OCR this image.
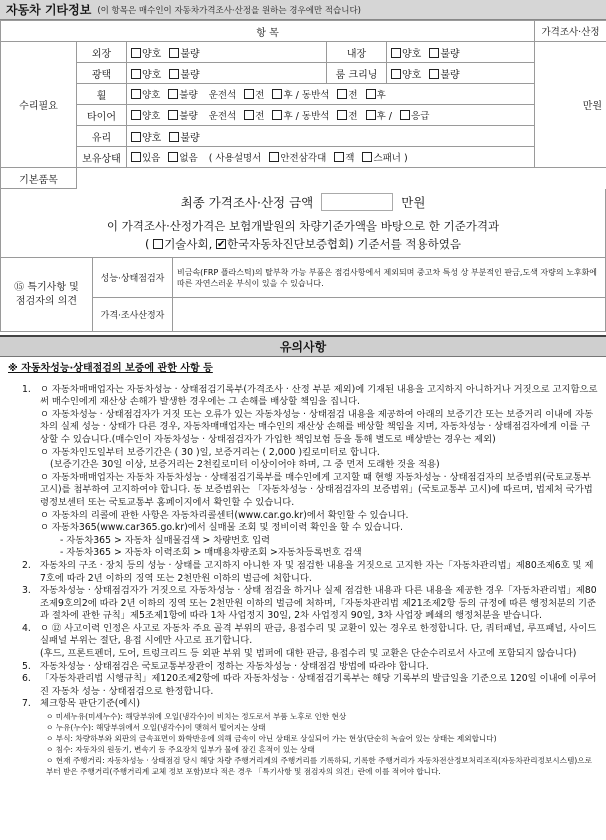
자동차 기타정보 (이 항목은 매수인이 자동차가격조사·산정을 원하는 경우에만 적습니다)
항 목					가격조사·산정
수리필요	외장	양호 불량	내장	양호 불량	만원
	광택	양호 불량	룸 크리닝	양호 불량	
	휠	양호 불량 운전석 전 후 / 동반석 전 후			
	타이어	양호 불량 운전석 전 후 / 동반석 전 후 / 응급			
	유리	양호 불량			
	보유상태	있음 없음 ( 사용설명서 안전삼각대 잭 스패너 )			
기본품목					
최종 가격조사·산정 금액	만원
이 가격조사·산정가격은 보험개발원의 차량기준가액을 바탕으로 한 기준가격과
( 기술사회, ✔ 한국자동차진단보증협회) 기준서를 적용하였음
⑮ 특기사항 및
점검자의 의견	성능·상태점검자	비금속(FRP 플라스틱)의 탈부착 가능 부품은 점검사항에서 제외되며 중고차 특성 상 부분적인 판금,도색 자량의 노후화에 따른 자연스러운 부식이 있을 수 있습니다.
	가격·조사산정자	
유의사항
※ 자동차성능·상태점검의 보증에 관한 사항 등
1. ㅇ 자동차매매업자는 자동차성능 · 상태점검기록부(가격조사 · 산정 부분 제외)에 기재된 내용을 고지하지 아니하거나 거짓으로 고지함으로써 매수인에게 재산상 손해가 발생한 경우에는 그 손해를 배상할 책임을 집니다.
ㅇ 자동차성능 · 상태점검자가 거짓 또는 오류가 있는 자동차성능 · 상태점검 내용을 제공하여 아래의 보증기간 또는 보증거리 이내에 자동차의 실제 성능 · 상태가 다른 경우, 자동차매매업자는 매수인의 재산상 손해를 배상할 책임을 지며, 자동차성능 · 상태점검자에게 이를 구상할 수 있습니다.(매수인이 자동차성능 · 상태점검자가 가입한 책임보험 등을 통해 별도로 배상받는 경우는 제외)
ㅇ 자동차인도일부터 보증기간은 ( 30 )일, 보증거리는 ( 2,000 )킬로미터로 합니다.
(보증기간은 30일 이상, 보증거리는 2천킬로미터 이상이어야 하며, 그 중 먼저 도래한 것을 적용)
ㅇ 자동차매매업자는 자동차 자동차성능 · 상태점검기록부를 매수인에게 고지할 때 현행 자동차성능 · 상태점검자의 보증범위(국토교통부 고시)를 첨부하여 고지하여야 합니다. 동 보증범위는 「자동차성능 · 상태점검자의 보증범위」(국토교통부 고시)에 따르며, 법제처 국가법령정보센터 또는 국토교통부 홈페이지에서 확인할 수 있습니다.
ㅇ 자동차의 리콜에 관한 사항은 자동차리콜센터(www.car.go.kr)에서 확인할 수 있습니다.
ㅇ 자동차365(www.car365.go.kr)에서 실매물 조회 및 정비이력 확인을 할 수 있습니다.
- 자동차365 > 자동차 실매물검색 > 차량번호 입력
- 자동차365 > 자동차 이력조회 > 매매용차량조회 >자동차등록번호 검색
2. 자동차의 구조 · 장치 등의 성능 · 상태를 고지하지 아니한 자 및 점검한 내용을 거짓으로 고지한 자는「자동차관리법」제80조제6호 및 제7호에 따라 2년 이하의 징역 또는 2천만원 이하의 벌금에 처합니다.
3. 자동차성능 · 상태점검자가 거짓으로 자동차성능 · 상태 점검을 하거나 실제 점검한 내용과 다른 내용을 제공한 경우「자동차관리법」제80조제9호의2에 따라 2년 이하의 징역 또는 2천만원 이하의 벌금에 처하며,「자동차관리법 제21조제2항 등의 규정에 따른 행정처분의 기준과 절차에 관한 규칙」제5조제1항에 따라 1차 사업정지 30일, 2차 사업정지 90일, 3차 사업장 폐쇄의 행정처분을 받습니다.
4. ㅇ ⑫ 사고이력 인정은 사고로 자동차 주요 골격 부위의 판금, 용접수리 및 교환이 있는 경우로 한정합니다. 단, 쿼터패널, 루프패널, 사이드실패널 부위는 절단, 용접 시에만 사고로 표기합니다.
(후드, 프론트펜더, 도어, 트렁크리드 등 외판 부위 및 범퍼에 대한 판금, 용접수리 및 교환은 단순수리로서 사고에 포함되지 않습니다)
5. 자동차성능 · 상태점검은 국토교통부장관이 정하는 자동차성능 · 상태점검 방법에 따라야 합니다.
6. 「자동차관리법 시행규칙」제120조제2항에 따라 자동차성능 · 상태점검기록부는 해당 기록부의 발급일을 기준으로 120일 이내에 이루어진 자동차 성능 · 상태점검으로 한정합니다.
7. 체크항목 판단기준(예시)
ㅇ 미세누유(미세누수): 해당부위에 오일(냉각수)이 비치는 정도로서 부품 노후로 인한 현상
ㅇ 누유(누수): 해당부위에서 오일(냉각수)이 맺혀서 떨어지는 상태
ㅇ 부식: 차량하부와 외판의 금속표면이 화학반응에 의해 금속이 아닌 상태로 상실되어 가는 현상(단순히 녹슬어 있는 상태는 제외합니다)
ㅇ 침수: 자동차의 원동기, 변속기 등 주요장치 일부가 물에 잠긴 흔적이 있는 상태
ㅇ 현재 주행거리: 자동차성능 · 상태점검 당시 해당 차량 주행거리계의 주행거리를 기록하되, 기록한 주행거리가 자동차전산정보처리조직(자동차관리정보시스템)으로부터 받은 주행거리(주행거리계 교체 정보 포함)보다 적은 경우 「특기사항 및 점검자의 의견」란에 이를 적어야 합니다.
